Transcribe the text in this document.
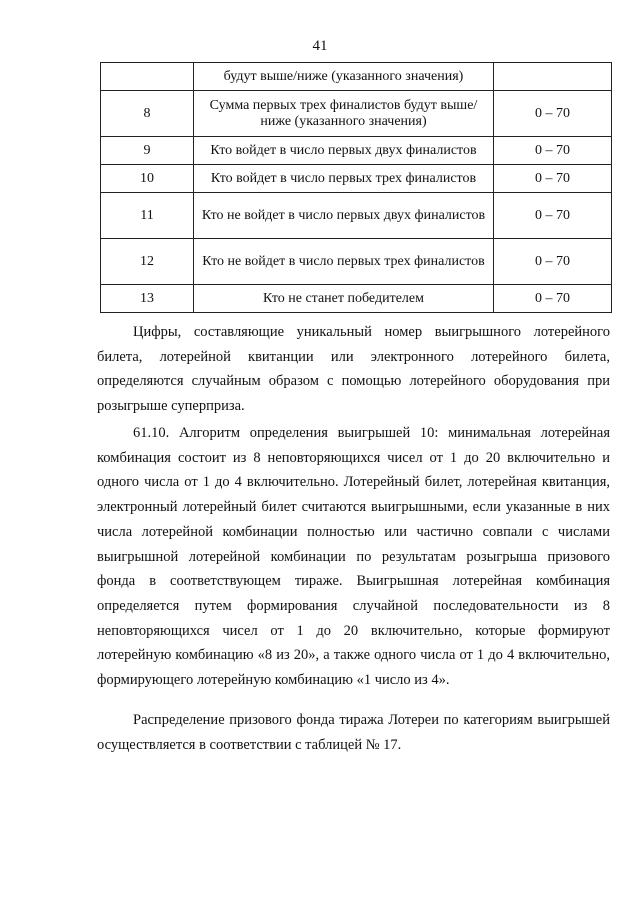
41
	будут выше/ниже (указанного значения)	
8	Сумма первых трех финалистов будут выше/ниже (указанного значения)	0 – 70
9	Кто войдет в число первых двух финалистов	0 – 70
10	Кто войдет в число первых трех финалистов	0 – 70
11	Кто не войдет в число первых двух финалистов	0 – 70
12	Кто не войдет в число первых трех финалистов	0 – 70
13	Кто не станет победителем	0 – 70

Цифры, составляющие уникальный номер выигрышного лотерейного билета, лотерейной квитанции или электронного лотерейного билета, определяются случайным образом с помощью лотерейного оборудования при розыгрыше суперприза.

61.10. Алгоритм определения выигрышей 10: минимальная лотерейная комбинация состоит из 8 неповторяющихся чисел от 1 до 20 включительно и одного числа от 1 до 4 включительно. Лотерейный билет, лотерейная квитанция, электронный лотерейный билет считаются выигрышными, если указанные в них числа лотерейной комбинации полностью или частично совпали с числами выигрышной лотерейной комбинации по результатам розыгрыша призового фонда в соответствующем тираже. Выигрышная лотерейная комбинация определяется путем формирования случайной последовательности из 8 неповторяющихся чисел от 1 до 20 включительно, которые формируют лотерейную комбинацию «8 из 20», а также одного числа от 1 до 4 включительно, формирующего лотерейную комбинацию «1 число из 4».

Распределение призового фонда тиража Лотереи по категориям выигрышей осуществляется в соответствии с таблицей № 17.
